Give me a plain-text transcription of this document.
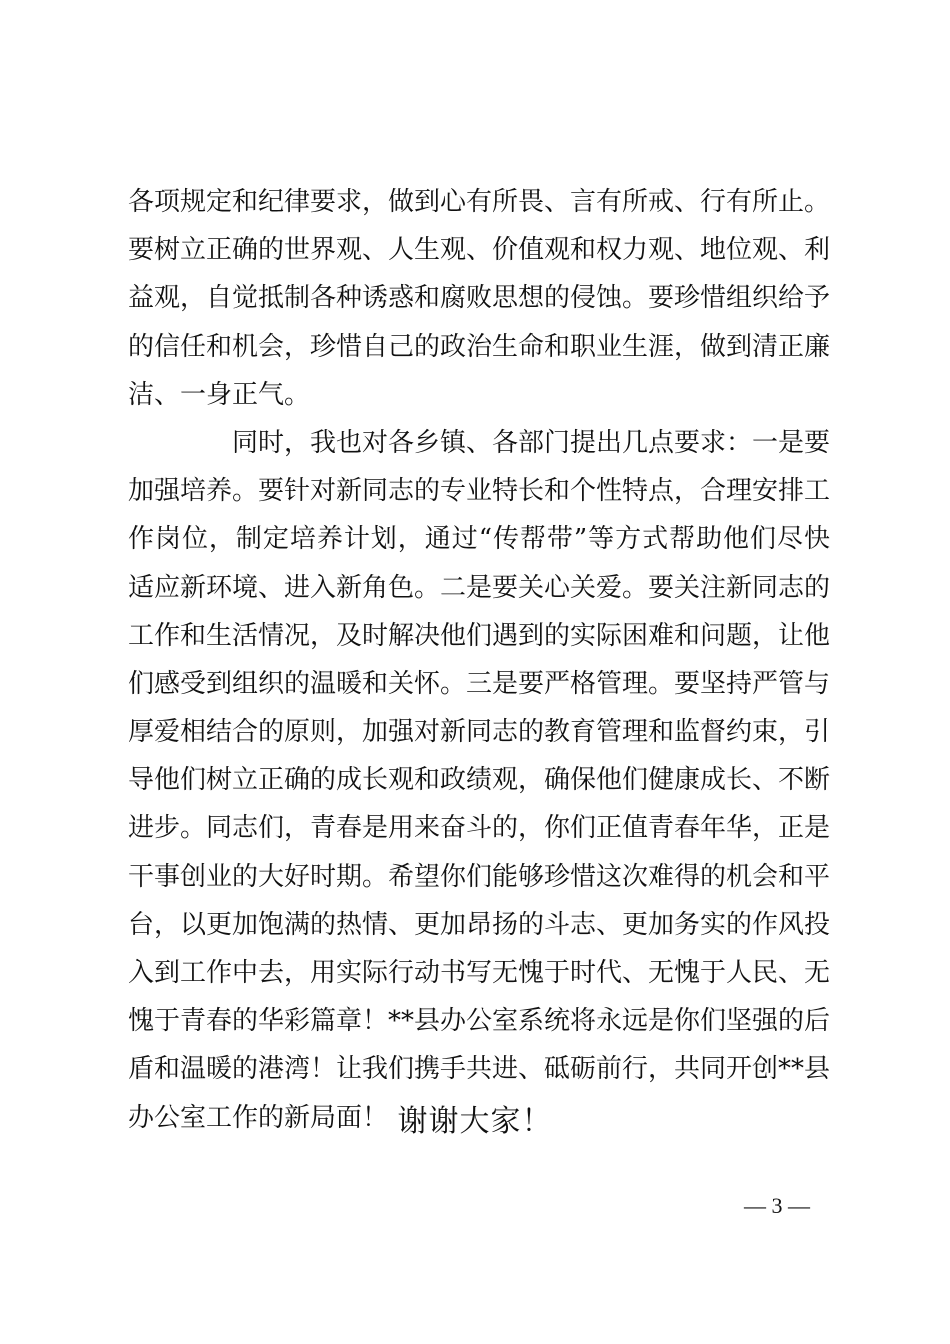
各项规定和纪律要求，做到心有所畏、言有所戒、行有所止。
要树立正确的世界观、人生观、价值观和权力观、地位观、利
益观，自觉抵制各种诱惑和腐败思想的侵蚀。要珍惜组织给予
的信任和机会，珍惜自己的政治生命和职业生涯，做到清正廉
洁、一身正气。
同时，我也对各乡镇、各部门提出几点要求：一是要
加强培养。要针对新同志的专业特长和个性特点，合理安排工
作岗位，制定培养计划，通过“传帮带”等方式帮助他们尽快
适应新环境、进入新角色。二是要关心关爱。要关注新同志的
工作和生活情况，及时解决他们遇到的实际困难和问题，让他
们感受到组织的温暖和关怀。三是要严格管理。要坚持严管与
厚爱相结合的原则，加强对新同志的教育管理和监督约束，引
导他们树立正确的成长观和政绩观，确保他们健康成长、不断
进步。同志们，青春是用来奋斗的，你们正值青春年华，正是
干事创业的大好时期。希望你们能够珍惜这次难得的机会和平
台，以更加饱满的热情、更加昂扬的斗志、更加务实的作风投
入到工作中去，用实际行动书写无愧于时代、无愧于人民、无
愧于青春的华彩篇章！**县办公室系统将永远是你们坚强的后
盾和温暖的港湾！让我们携手共进、砥砺前行，共同开创**县
办公室工作的新局面！ 谢谢大家！
— 3 —
